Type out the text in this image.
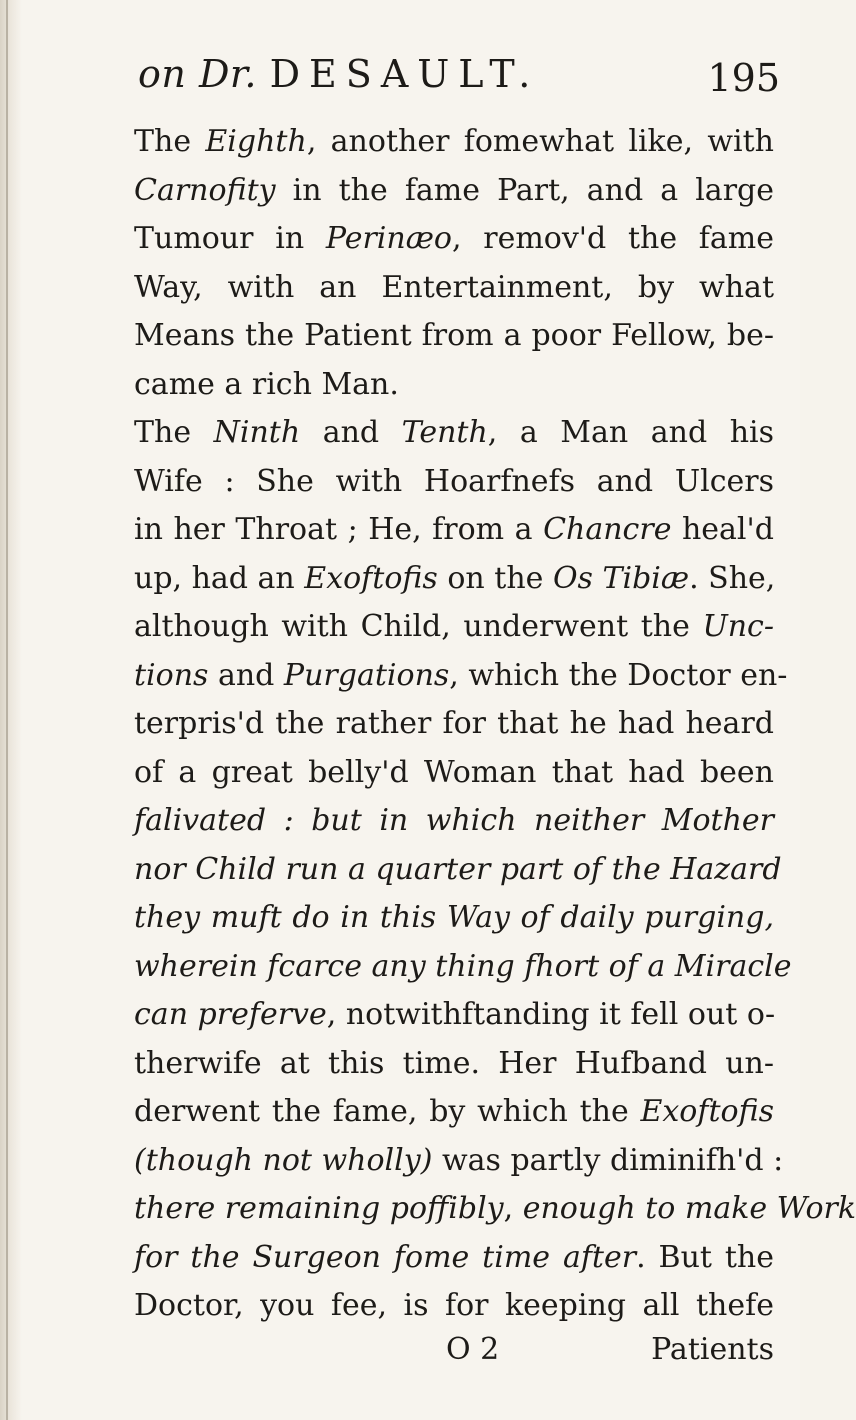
on Dr. DESAULT.	195
The Eighth, another fomewhat like, with
Carnofity in the fame Part, and a large
Tumour in Perinæo, remov'd the fame
Way, with an Entertainment, by what
Means the Patient from a poor Fellow, be-
came a rich Man.
The Ninth and Tenth, a Man and his
Wife : She with Hoarfnefs and Ulcers
in her Throat ; He, from a Chancre heal'd
up, had an Exoftofis on the Os Tibiæ. She,
although with Child, underwent the Unc-
tions and Purgations, which the Doctor en-
terpris'd the rather for that he had heard
of a great belly'd Woman that had been
falivated : but in which neither Mother
nor Child run a quarter part of the Hazard
they muft do in this Way of daily purging,
wherein fcarce any thing fhort of a Miracle
can preferve, notwithftanding it fell out o-
therwife at this time. Her Hufband un-
derwent the fame, by which the Exoftofis
(though not wholly) was partly diminifh'd :
there remaining poffibly, enough to make Work
for the Surgeon fome time after. But the
Doctor, you fee, is for keeping all thefe
O 2	Patients
